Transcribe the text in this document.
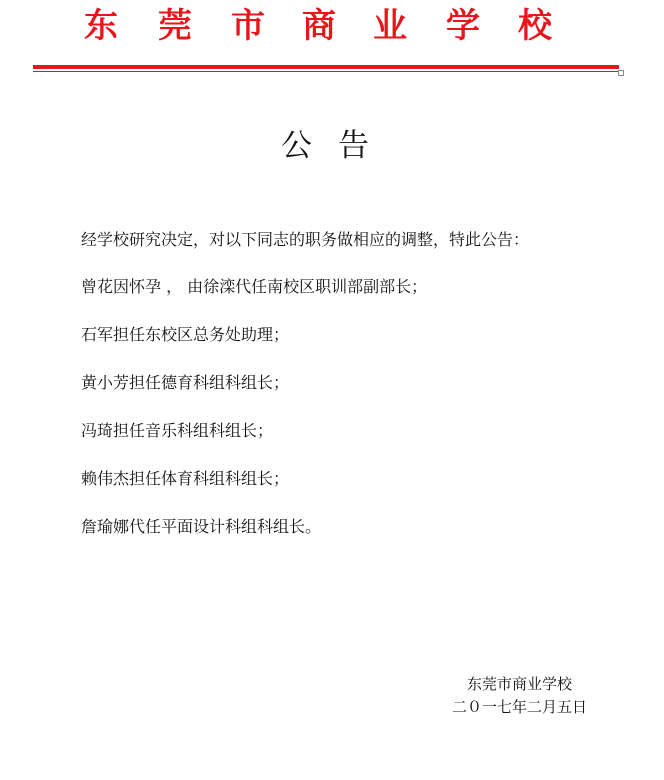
东 莞 市 商 业 学 校
公告
经学校研究决定，对以下同志的职务做相应的调整，特此公告：
曾花因怀孕 ， 由徐滦代任南校区职训部副部长；
石军担任东校区总务处助理；
黄小芳担任德育科组科组长；
冯琦担任音乐科组科组长；
赖伟杰担任体育科组科组长；
詹瑜娜代任平面设计科组科组长。
东莞市商业学校
二０一七年二月五日
